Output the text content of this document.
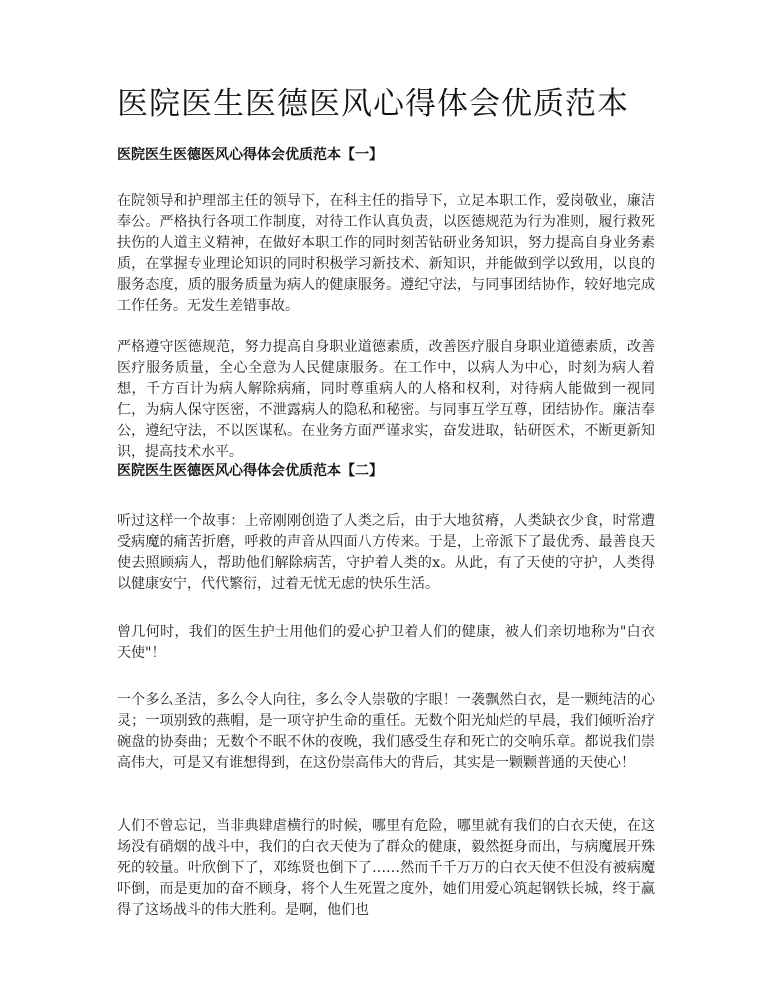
医院医生医德医风心得体会优质范本
医院医生医德医风心得体会优质范本【一】

在院领导和护理部主任的领导下，在科主任的指导下，立足本职工作，爱岗敬业，廉洁奉公。严格执行各项工作制度，对待工作认真负责，以医德规范为行为准则，履行救死扶伤的人道主义精神，在做好本职工作的同时刻苦钻研业务知识，努力提高自身业务素质，在掌握专业理论知识的同时积极学习新技术、新知识，并能做到学以致用，以良的服务态度，质的服务质量为病人的健康服务。遵纪守法，与同事团结协作，较好地完成工作任务。无发生差错事故。

严格遵守医德规范，努力提高自身职业道德素质，改善医疗服自身职业道德素质，改善医疗服务质量，全心全意为人民健康服务。在工作中，以病人为中心，时刻为病人着想，千方百计为病人解除病痛，同时尊重病人的人格和权利，对待病人能做到一视同仁，为病人保守医密，不泄露病人的隐私和秘密。与同事互学互尊，团结协作。廉洁奉公，遵纪守法，不以医谋私。在业务方面严谨求实，奋发进取，钻研医术，不断更新知识，提高技术水平。

医院医生医德医风心得体会优质范本【二】

听过这样一个故事：上帝刚刚创造了人类之后，由于大地贫瘠，人类缺衣少食，时常遭受病魔的痛苦折磨，呼救的声音从四面八方传来。于是，上帝派下了最优秀、最善良天使去照顾病人，帮助他们解除病苦，守护着人类的x。从此，有了天使的守护，人类得以健康安宁，代代繁衍，过着无忧无虑的快乐生活。

曾几何时，我们的医生护士用他们的爱心护卫着人们的健康，被人们亲切地称为"白衣天使"！

一个多么圣洁，多么令人向往，多么令人崇敬的字眼！一袭飘然白衣，是一颗纯洁的心灵；一项别致的燕帽，是一项守护生命的重任。无数个阳光灿烂的早晨，我们倾听治疗碗盘的协奏曲；无数个不眠不休的夜晚，我们感受生存和死亡的交响乐章。都说我们崇高伟大，可是又有谁想得到，在这份崇高伟大的背后，其实是一颗颗普通的天使心！

人们不曾忘记，当非典肆虐横行的时候，哪里有危险，哪里就有我们的白衣天使，在这场没有硝烟的战斗中，我们的白衣天使为了群众的健康，毅然挺身而出，与病魔展开殊死的较量。叶欣倒下了，邓练贤也倒下了……然而千千万万的白衣天使不但没有被病魔吓倒，而是更加的奋不顾身，将个人生死置之度外，她们用爱心筑起钢铁长城，终于赢得了这场战斗的伟大胜利。是啊，他们也
